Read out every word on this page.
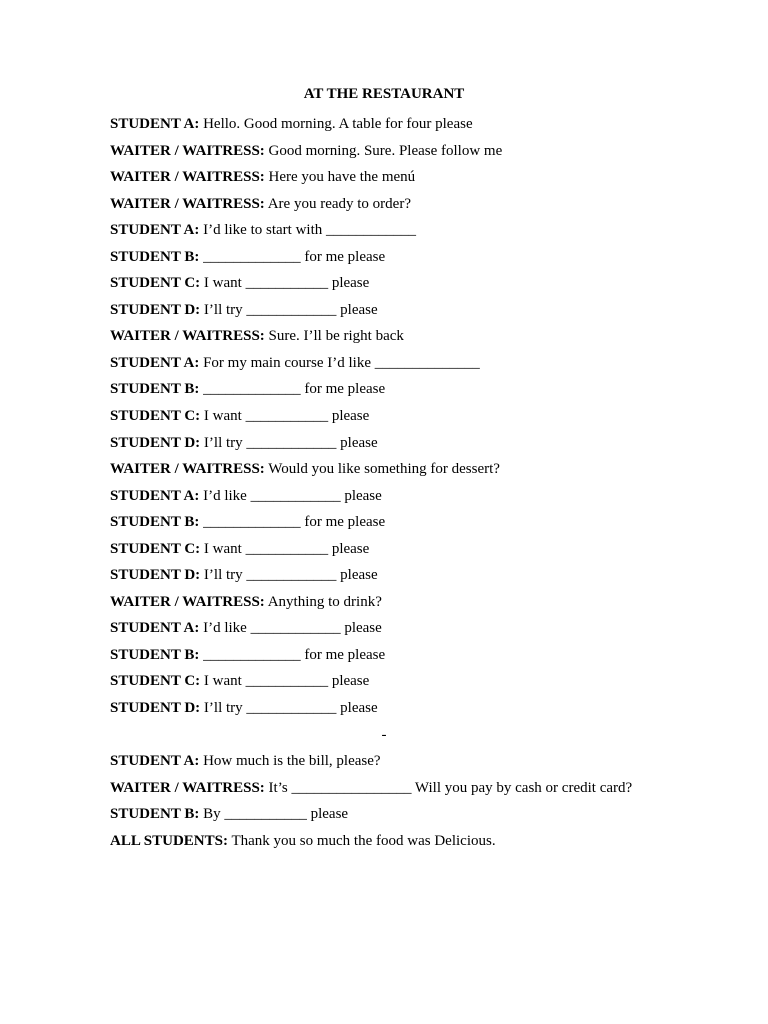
AT THE RESTAURANT
STUDENT A: Hello. Good morning. A table for four please
WAITER / WAITRESS: Good morning. Sure. Please follow me
WAITER / WAITRESS: Here you have the menú
WAITER / WAITRESS: Are you ready to order?
STUDENT A: I’d like to start with ____________
STUDENT B: _____________ for me please
STUDENT C: I want ___________ please
STUDENT D: I’ll try ____________ please
WAITER / WAITRESS: Sure. I’ll be right back
STUDENT A: For my main course I’d like ______________
STUDENT B: _____________ for me please
STUDENT C: I want ___________ please
STUDENT D: I’ll try ____________ please
WAITER / WAITRESS: Would you like something for dessert?
STUDENT A: I’d like ____________ please
STUDENT B: _____________ for me please
STUDENT C: I want ___________ please
STUDENT D: I’ll try ____________ please
WAITER / WAITRESS: Anything to drink?
STUDENT A: I’d like ____________ please
STUDENT B: _____________ for me please
STUDENT C: I want ___________ please
STUDENT D: I’ll try ____________ please
-
STUDENT A: How much is the bill, please?
WAITER / WAITRESS: It’s ________________ Will you pay by cash or credit card?
STUDENT B: By ___________ please
ALL STUDENTS: Thank you so much the food was Delicious.
